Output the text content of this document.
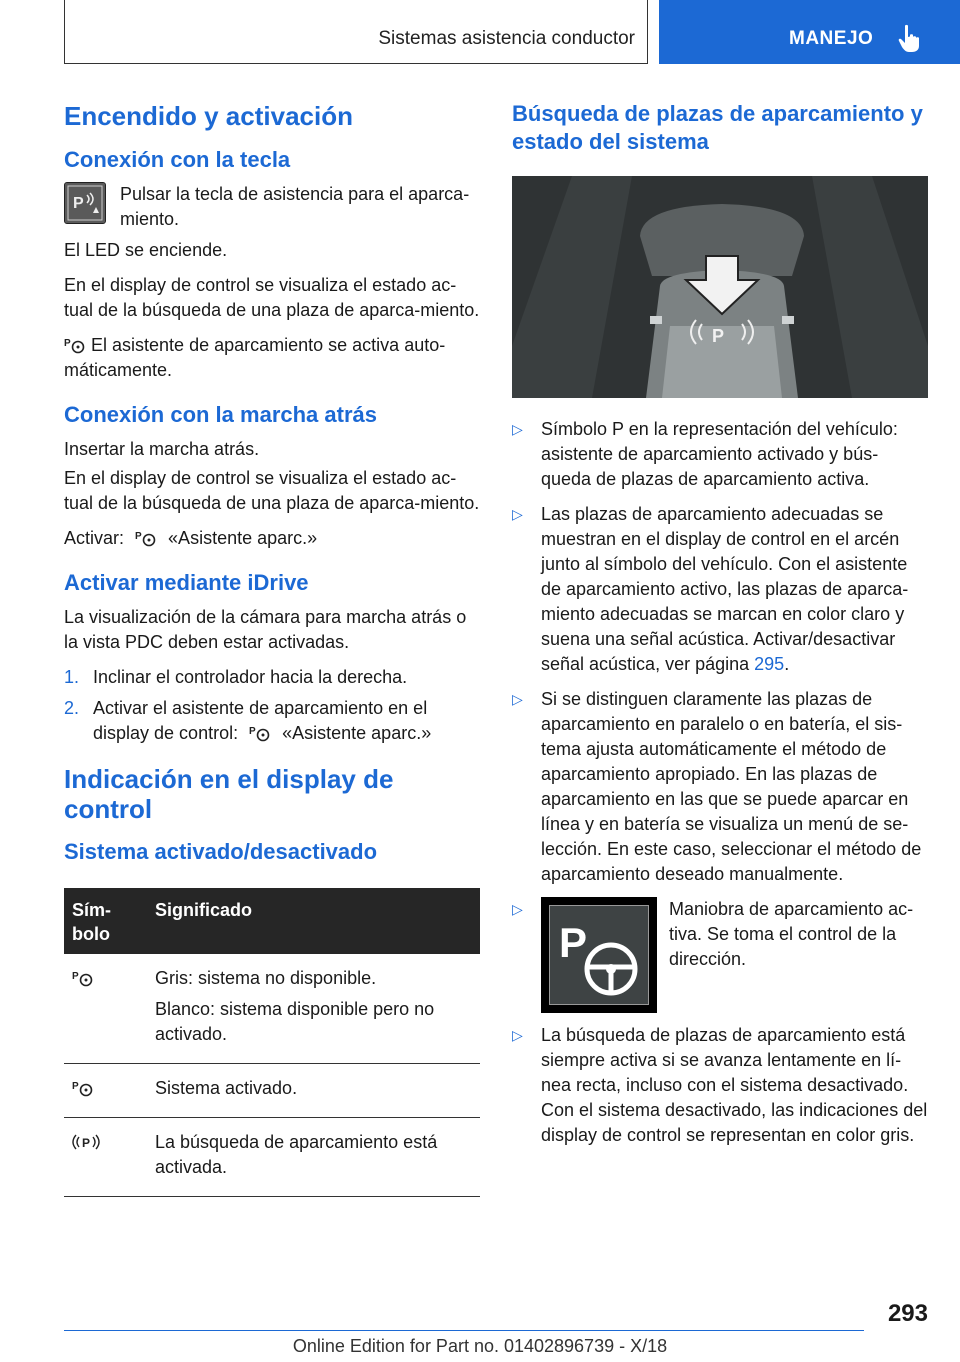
Sistemas asistencia conductor	MANEJO
Encendido y activación
Conexión con la tecla
P Pulsar la tecla de asistencia para el aparca‐miento.

El LED se enciende.

En el display de control se visualiza el estado ac‐tual de la búsqueda de una plaza de aparca‐miento.

P El asistente de aparcamiento se activa auto‐máticamente.

Conexión con la marcha atrás

Insertar la marcha atrás.

En el display de control se visualiza el estado ac‐tual de la búsqueda de una plaza de aparca‐miento.

Activar: P «Asistente aparc.»

Activar mediante iDrive

La visualización de la cámara para marcha atrás o la vista PDC deben estar activadas.

1. Inclinar el controlador hacia la derecha.
2. Activar el asistente de aparcamiento en el display de control: P «Asistente aparc.»
Indicación en el display de control
Sistema activado/desactivado
Sím‐bolo	Significado

P	Gris: sistema no disponible.

Blanco: sistema disponible pero no activado.

P	Sistema activado.

P	La búsqueda de aparcamiento está activada.

Búsqueda de plazas de aparcamiento y estado del sistema
P
▷	Símbolo P en la representación del vehículo: asistente de aparcamiento activado y bús‐queda de plazas de aparcamiento activa.
▷	Las plazas de aparcamiento adecuadas se muestran en el display de control en el arcén junto al símbolo del vehículo. Con el asistente de aparcamiento activo, las plazas de aparca‐miento adecuadas se marcan en color claro y suena una señal acústica. Activar/desactivar señal acústica, ver página 295.
▷	Si se distinguen claramente las plazas de aparcamiento en paralelo o en batería, el sis‐tema ajusta automáticamente el método de aparcamiento apropiado. En las plazas de aparcamiento en las que se puede aparcar en línea y en batería se visualiza un menú de se‐lección. En este caso, seleccionar el método de aparcamiento deseado manualmente.
▷
P
Maniobra de aparcamiento ac‐tiva. Se toma el control de la dirección.
▷	La búsqueda de plazas de aparcamiento está siempre activa si se avanza lentamente en lí‐nea recta, incluso con el sistema desactivado. Con el sistema desactivado, las indicaciones del display de control se representan en color gris.
293
Online Edition for Part no. 01402896739 - X/18
